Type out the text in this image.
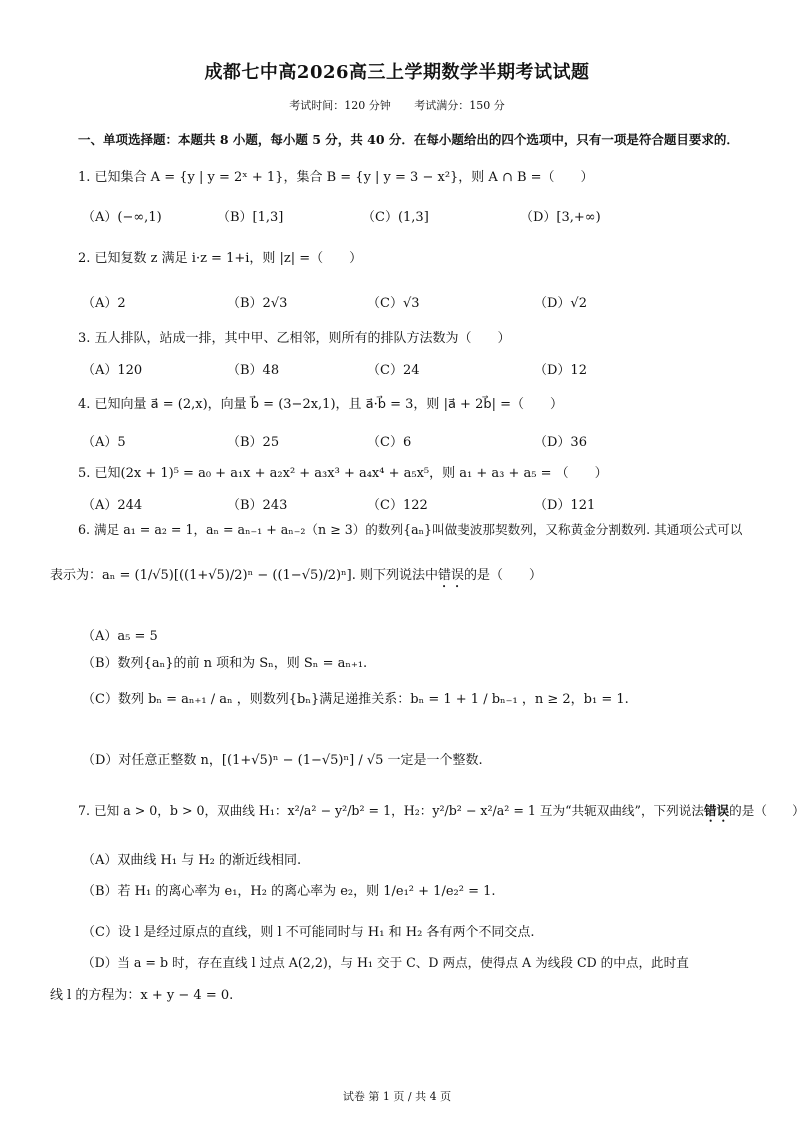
成都七中高2026高三上学期数学半期考试试题
考试时间：120 分钟 考试满分：150 分
一、单项选择题：本题共 8 小题，每小题 5 分，共 40 分．在每小题给出的四个选项中，只有一项是符合题目要求的．
1. 已知集合 A = {y | y = 2ˣ + 1}，集合 B = {y | y = 3 − x²}，则 A ∩ B =（　　）
（A）(−∞,1)	（B）[1,3]	（C）(1,3]	（D）[3,+∞)
2. 已知复数 z 满足 i·z = 1+i，则 |z| =（　　）
（A）2	（B）2√3	（C）√3	（D）√2
3. 五人排队，站成一排，其中甲、乙相邻，则所有的排队方法数为（　　）
（A）120	（B）48	（C）24	（D）12
4. 已知向量 a⃗ = (2,x)，向量 b⃗ = (3−2x,1)，且 a⃗·b⃗ = 3，则 |a⃗ + 2b⃗| =（　　）
（A）5	（B）25	（C）6	（D）36
5. 已知(2x + 1)⁵ = a₀ + a₁x + a₂x² + a₃x³ + a₄x⁴ + a₅x⁵，则 a₁ + a₃ + a₅ = （　　）
（A）244	（B）243	（C）122	（D）121
6. 满足 a₁ = a₂ = 1，aₙ = aₙ₋₁ + aₙ₋₂（n ≥ 3）的数列{aₙ}叫做斐波那契数列，又称黄金分割数列. 其通项公式可以
表示为：aₙ = (1/√5)[((1+√5)/2)ⁿ − ((1−√5)/2)ⁿ]. 则下列说法中错误的是（　　）
（A）a₅ = 5
（B）数列{aₙ}的前 n 项和为 Sₙ，则 Sₙ = aₙ₊₁.
（C）数列 bₙ = aₙ₊₁ / aₙ ，则数列{bₙ}满足递推关系：bₙ = 1 + 1 / bₙ₋₁ ，n ≥ 2，b₁ = 1.
（D）对任意正整数 n，[(1+√5)ⁿ − (1−√5)ⁿ] / √5 一定是一个整数.
7. 已知 a > 0，b > 0，双曲线 H₁：x²/a² − y²/b² = 1，H₂：y²/b² − x²/a² = 1 互为“共轭双曲线”，下列说法错误的是（　　）
（A）双曲线 H₁ 与 H₂ 的渐近线相同.
（B）若 H₁ 的离心率为 e₁，H₂ 的离心率为 e₂，则 1/e₁² + 1/e₂² = 1.
（C）设 l 是经过原点的直线，则 l 不可能同时与 H₁ 和 H₂ 各有两个不同交点.
（D）当 a = b 时，存在直线 l 过点 A(2,2)，与 H₁ 交于 C、D 两点，使得点 A 为线段 CD 的中点，此时直
线 l 的方程为：x + y − 4 = 0.
试卷 第 1 页 / 共 4 页
